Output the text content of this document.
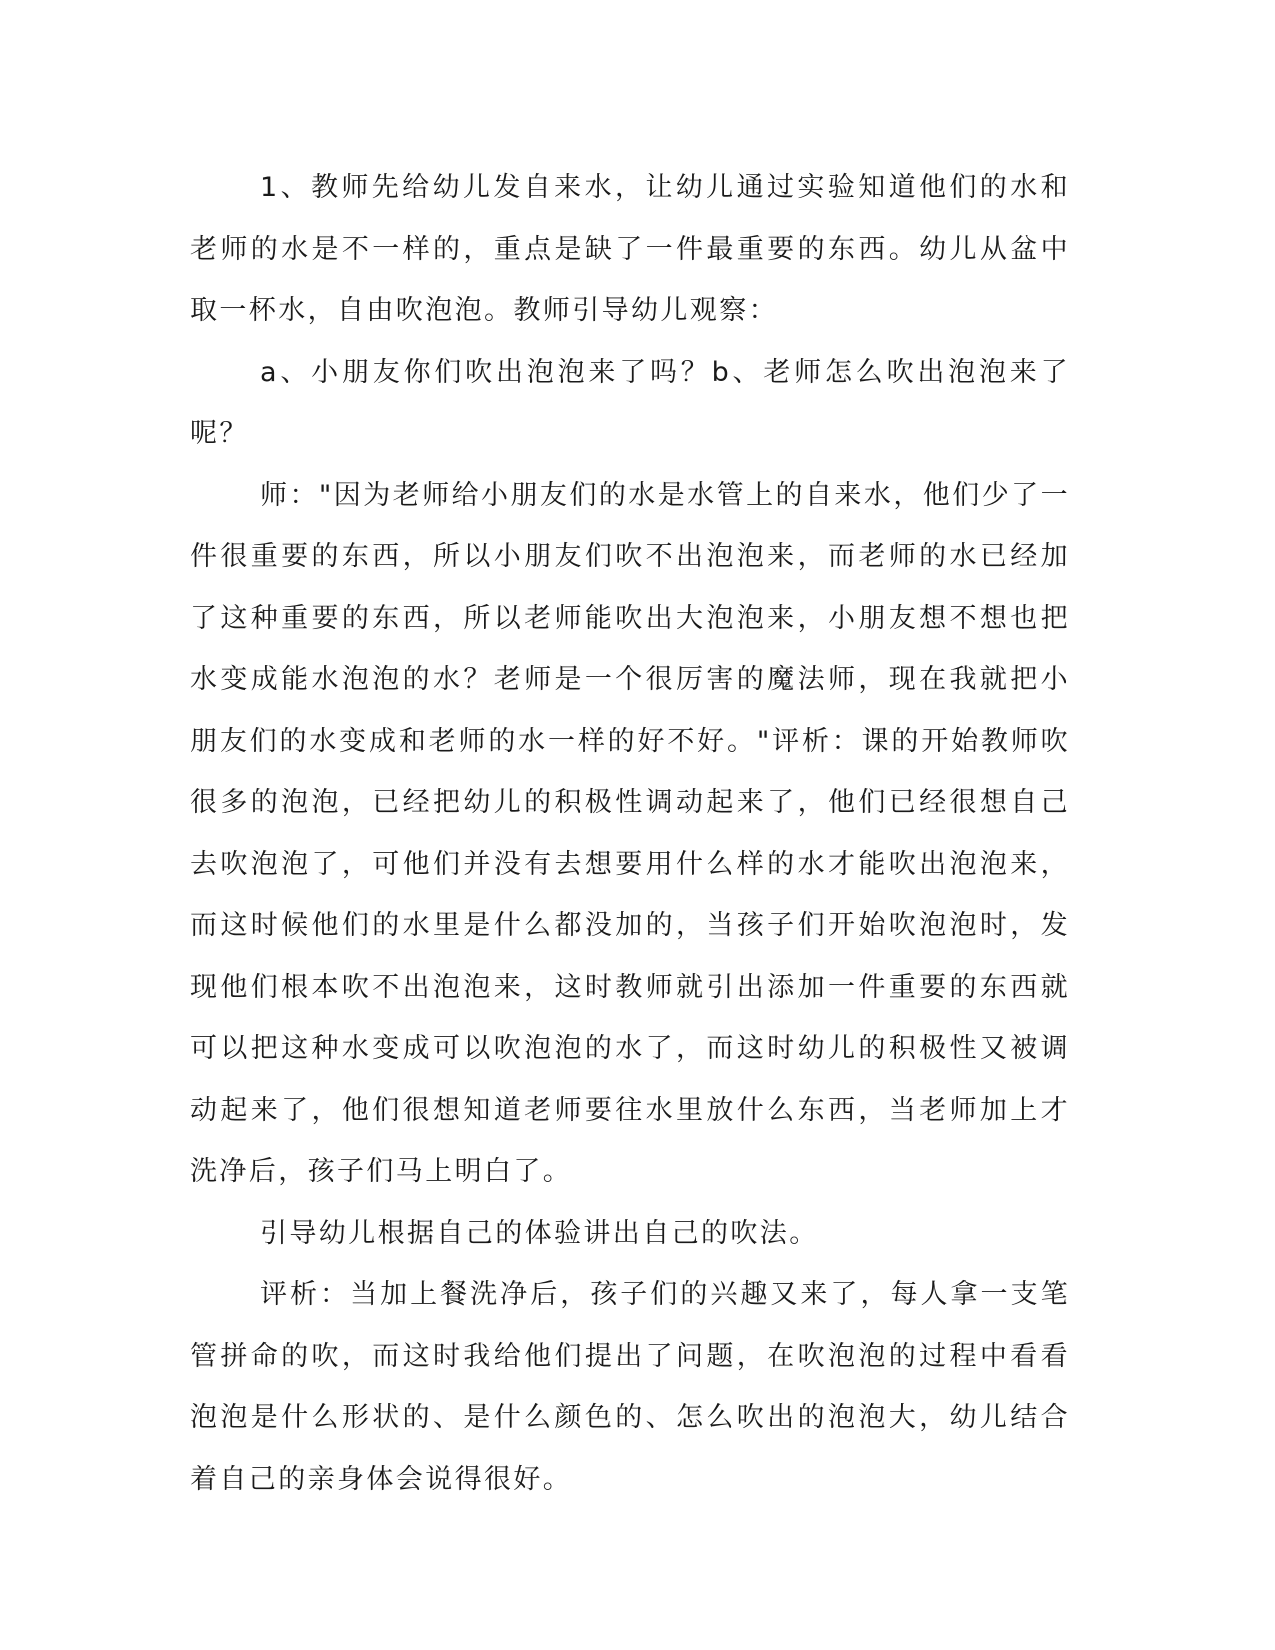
1、教师先给幼儿发自来水，让幼儿通过实验知道他们的水和老师的水是不一样的，重点是缺了一件最重要的东西。幼儿从盆中取一杯水，自由吹泡泡。教师引导幼儿观察：

a、小朋友你们吹出泡泡来了吗？b、老师怎么吹出泡泡来了呢？

师："因为老师给小朋友们的水是水管上的自来水，他们少了一件很重要的东西，所以小朋友们吹不出泡泡来，而老师的水已经加了这种重要的东西，所以老师能吹出大泡泡来，小朋友想不想也把水变成能水泡泡的水？老师是一个很厉害的魔法师，现在我就把小朋友们的水变成和老师的水一样的好不好。"评析：课的开始教师吹很多的泡泡，已经把幼儿的积极性调动起来了，他们已经很想自己去吹泡泡了，可他们并没有去想要用什么样的水才能吹出泡泡来，而这时候他们的水里是什么都没加的，当孩子们开始吹泡泡时，发现他们根本吹不出泡泡来，这时教师就引出添加一件重要的东西就可以把这种水变成可以吹泡泡的水了，而这时幼儿的积极性又被调动起来了，他们很想知道老师要往水里放什么东西，当老师加上才洗净后，孩子们马上明白了。

引导幼儿根据自己的体验讲出自己的吹法。

评析：当加上餐洗净后，孩子们的兴趣又来了，每人拿一支笔管拼命的吹，而这时我给他们提出了问题，在吹泡泡的过程中看看泡泡是什么形状的、是什么颜色的、怎么吹出的泡泡大，幼儿结合着自己的亲身体会说得很好。
